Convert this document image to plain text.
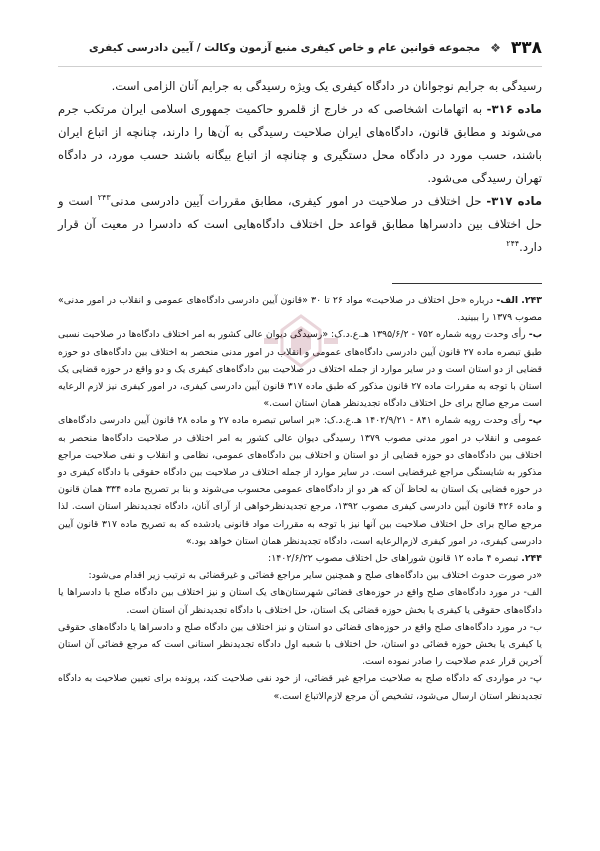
۳۳۸
❖
مجموعه قوانین عام و خاص کیفری منبع آزمون وکالت / آیین دادرسی کیفری

رسیدگی به جرایم نوجوانان در دادگاه کیفری یک ویژه رسیدگی به جرایم آنان الزامی است.

ماده ۳۱۶- به اتهامات اشخاصی که در خارج از قلمرو حاکمیت جمهوری اسلامی ایران مرتکب جرم می‌شوند و مطابق قانون، دادگاه‌های ایران صلاحیت رسیدگی به آن‌ها را دارند، چنانچه از اتباع ایران باشند، حسب مورد در دادگاه محل دستگیری و چنانچه از اتباع بیگانه باشند حسب مورد، در دادگاه تهران رسیدگی می‌شود.

ماده ۳۱۷- حل اختلاف در صلاحیت در امور کیفری، مطابق مقررات آیین دادرسی مدنی$^{۲۴۳}$ است و حل اختلاف بین دادسراها مطابق قواعد حل اختلاف دادگاه‌هایی است که دادسرا در معیت آن قرار دارد.$^{۲۴۴}$

۲۴۳. الف- درباره «حل اختلاف در صلاحیت» مواد ۲۶ تا ۳۰ «قانون آیین دادرسی دادگاه‌های عمومی و انقلاب در امور مدنی» مصوب ۱۳۷۹ را ببینید.

ب- رأی وحدت رویه شماره ۷۵۲ - ۱۳۹۵/۶/۲ هـ.ع.د.ک: «رسیدگی دیوان عالی کشور به امر اختلاف دادگاه‌ها در صلاحیت نسبی طبق تبصره ماده ۲۷ قانون آیین دادرسی دادگاه‌های عمومی و انقلاب در امور مدنی منحصر به اختلاف بین دادگاه‌های دو حوزه قضایی از دو استان است و در سایر موارد از جمله اختلاف در صلاحیت بین دادگاه‌های کیفری یک و دو واقع در حوزه قضایی یک استان با توجه به مقررات ماده ۲۷ قانون مذکور که طبق ماده ۳۱۷ قانون آیین دادرسی کیفری، در امور کیفری نیز لازم الرعایه است مرجع صالح برای حل اختلاف دادگاه تجدیدنظر همان استان است.»

پ- رأی وحدت رویه شماره ۸۴۱ - ۱۴۰۲/۹/۲۱ هـ.ع.د.ک: «بر اساس تبصره ماده ۲۷ و ماده ۲۸ قانون آیین دادرسی دادگاه‌های عمومی و انقلاب در امور مدنی مصوب ۱۳۷۹ رسیدگی دیوان عالی کشور به امر اختلاف در صلاحیت دادگاه‌ها منحصر به اختلاف بین دادگاه‌های دو حوزه قضایی از دو استان و اختلاف بین دادگاه‌های عمومی، نظامی و انقلاب و نفی صلاحیت مراجع مذکور به شایستگی مراجع غیرقضایی است. در سایر موارد از جمله اختلاف در صلاحیت بین دادگاه حقوقی با دادگاه کیفری دو در حوزه قضایی یک استان به لحاظ آن که هر دو از دادگاه‌های عمومی محسوب می‌شوند و بنا بر تصریح ماده ۳۳۴ همان قانون و ماده ۴۲۶ قانون آیین دادرسی کیفری مصوب ۱۳۹۲، مرجع تجدیدنظرخواهی از آرای آنان، دادگاه تجدیدنظر استان است. لذا مرجع صالح برای حل اختلاف صلاحیت بین آنها نیز با توجه به مقررات مواد قانونی یادشده که به تصریح ماده ۳۱۷ قانون آیین دادرسی کیفری، در امور کیفری لازم‌الرعایه است، دادگاه تجدیدنظر همان استان خواهد بود.»

۲۴۴. تبصره ۴ ماده ۱۲ قانون شوراهای حل اختلاف مصوب ۱۴۰۲/۶/۲۲:

«در صورت حدوث اختلاف بین دادگاه‌های صلح و همچنین سایر مراجع قضائی و غیرقضائی به ترتیب زیر اقدام می‌شود:

الف- در مورد دادگاه‌های صلح واقع در حوزه‌های قضائی شهرستان‌های یک استان و نیز اختلاف بین دادگاه صلح با دادسراها یا دادگاه‌های حقوقی یا کیفری یا بخش حوزه قضائی یک استان، حل اختلاف با دادگاه تجدیدنظر آن استان است.

ب- در مورد دادگاه‌های صلح واقع در حوزه‌های قضائی دو استان و نیز اختلاف بین دادگاه صلح و دادسراها یا دادگاه‌های حقوقی یا کیفری یا بخش حوزه قضائی دو استان، حل اختلاف با شعبه اول دادگاه تجدیدنظر استانی است که مرجع قضائی آن استان آخرین قرار عدم صلاحیت را صادر نموده است.

پ- در مواردی که دادگاه صلح به صلاحیت مراجع غیر قضائی، از خود نفی صلاحیت کند، پرونده برای تعیین صلاحیت به دادگاه تجدیدنظر استان ارسال می‌شود، تشخیص آن مرجع لازم‌الاتباع است.»
